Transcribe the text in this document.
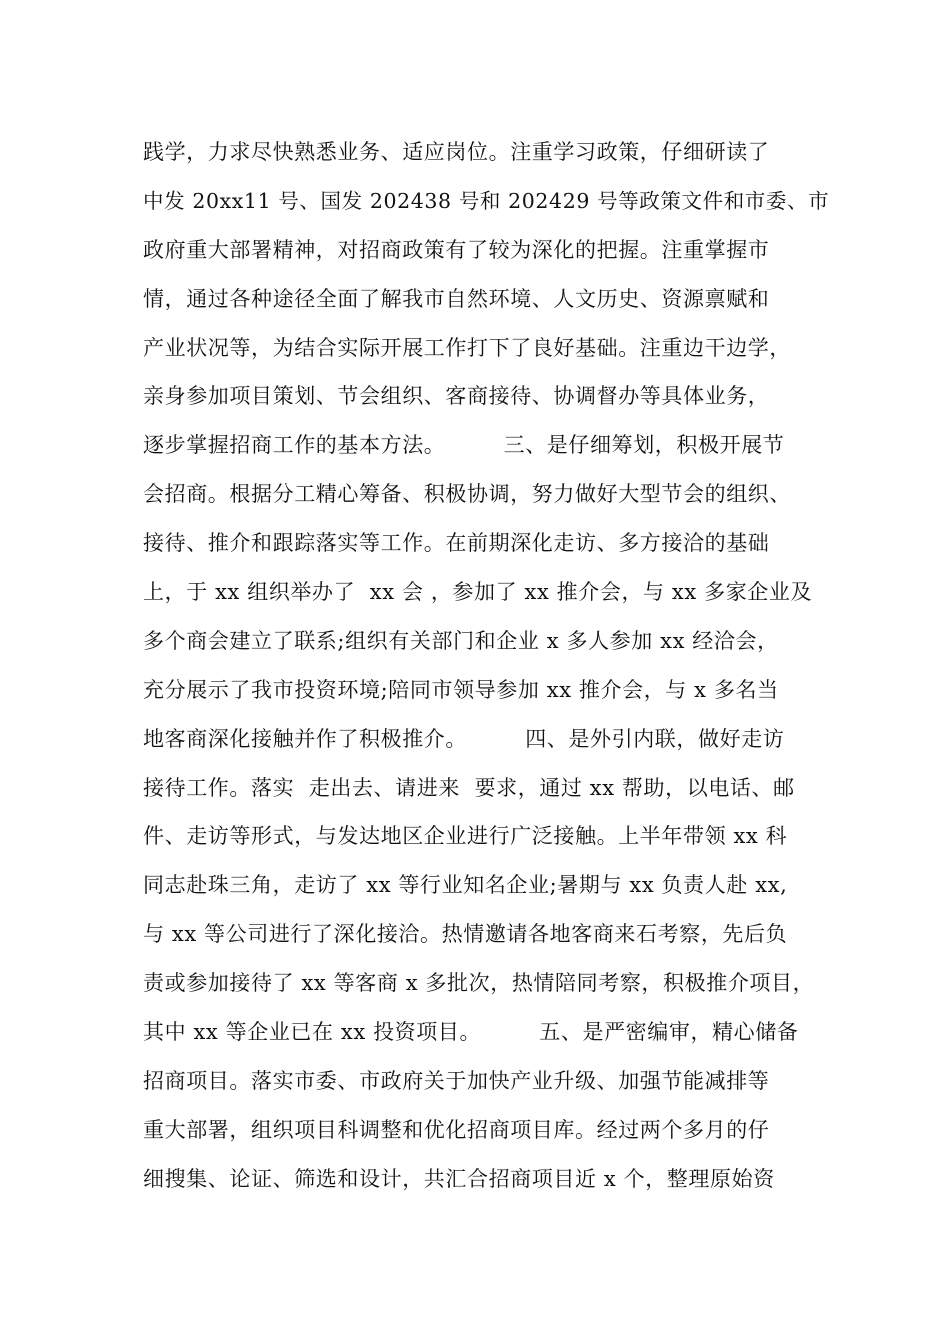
践学，力求尽快熟悉业务、适应岗位。注重学习政策，仔细研读了
中发 20xx11 号、国发 202438 号和 202429 号等政策文件和市委、市
政府重大部署精神，对招商政策有了较为深化的把握。注重掌握市
情，通过各种途径全面了解我市自然环境、人文历史、资源禀赋和
产业状况等，为结合实际开展工作打下了良好基础。注重边干边学，
亲身参加项目策划、节会组织、客商接待、协调督办等具体业务，
逐步掌握招商工作的基本方法。        三、是仔细筹划，积极开展节
会招商。根据分工精心筹备、积极协调，努力做好大型节会的组织、
接待、推介和跟踪落实等工作。在前期深化走访、多方接洽的基础
上，于 xx 组织举办了  xx 会 ，参加了 xx 推介会，与 xx 多家企业及
多个商会建立了联系;组织有关部门和企业 x 多人参加 xx 经洽会，
充分展示了我市投资环境;陪同市领导参加 xx 推介会，与 x 多名当
地客商深化接触并作了积极推介。        四、是外引内联，做好走访
接待工作。落实  走出去、请进来  要求，通过 xx 帮助，以电话、邮
件、走访等形式，与发达地区企业进行广泛接触。上半年带领 xx 科
同志赴珠三角，走访了 xx 等行业知名企业;暑期与 xx 负责人赴 xx,
与 xx 等公司进行了深化接洽。热情邀请各地客商来石考察，先后负
责或参加接待了 xx 等客商 x 多批次，热情陪同考察，积极推介项目，
其中 xx 等企业已在 xx 投资项目。        五、是严密编审，精心储备
招商项目。落实市委、市政府关于加快产业升级、加强节能减排等
重大部署，组织项目科调整和优化招商项目库。经过两个多月的仔
细搜集、论证、筛选和设计，共汇合招商项目近 x 个，整理原始资
